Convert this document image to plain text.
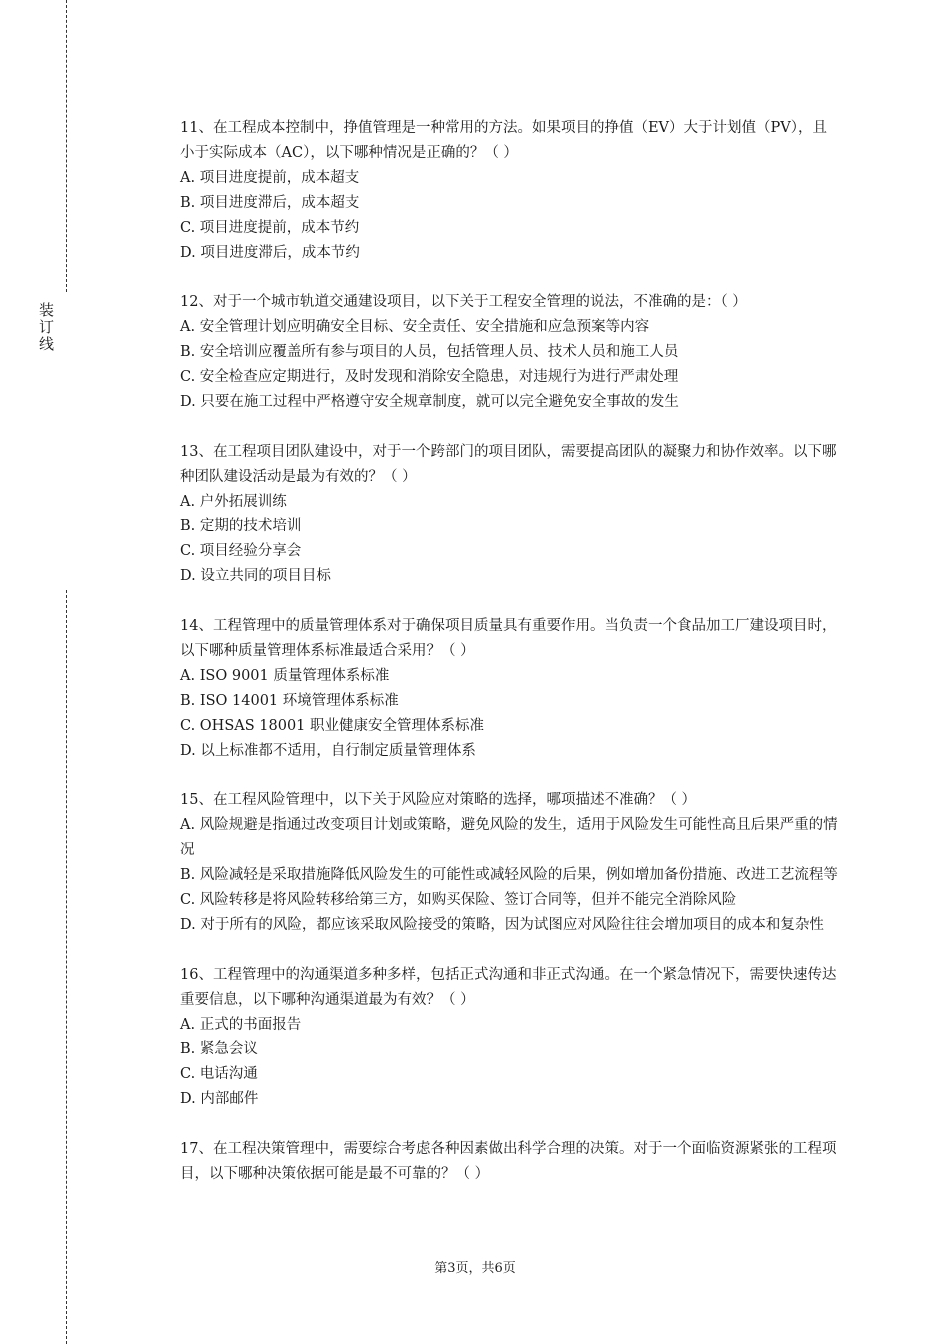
装订线

11、在工程成本控制中，挣值管理是一种常用的方法。如果项目的挣值（EV）大于计划值（PV），且小于实际成本（AC），以下哪种情况是正确的？（ ）

A. 项目进度提前，成本超支

B. 项目进度滞后，成本超支

C. 项目进度提前，成本节约

D. 项目进度滞后，成本节约

12、对于一个城市轨道交通建设项目，以下关于工程安全管理的说法，不准确的是：（ ）

A. 安全管理计划应明确安全目标、安全责任、安全措施和应急预案等内容

B. 安全培训应覆盖所有参与项目的人员，包括管理人员、技术人员和施工人员

C. 安全检查应定期进行，及时发现和消除安全隐患，对违规行为进行严肃处理

D. 只要在施工过程中严格遵守安全规章制度，就可以完全避免安全事故的发生

13、在工程项目团队建设中，对于一个跨部门的项目团队，需要提高团队的凝聚力和协作效率。以下哪种团队建设活动是最为有效的？（ ）

A. 户外拓展训练

B. 定期的技术培训

C. 项目经验分享会

D. 设立共同的项目目标

14、工程管理中的质量管理体系对于确保项目质量具有重要作用。当负责一个食品加工厂建设项目时，以下哪种质量管理体系标准最适合采用？（ ）

A. ISO 9001 质量管理体系标准

B. ISO 14001 环境管理体系标准

C. OHSAS 18001 职业健康安全管理体系标准

D. 以上标准都不适用，自行制定质量管理体系

15、在工程风险管理中，以下关于风险应对策略的选择，哪项描述不准确？（ ）

A. 风险规避是指通过改变项目计划或策略，避免风险的发生，适用于风险发生可能性高且后果严重的情况

B. 风险减轻是采取措施降低风险发生的可能性或减轻风险的后果，例如增加备份措施、改进工艺流程等

C. 风险转移是将风险转移给第三方，如购买保险、签订合同等，但并不能完全消除风险

D. 对于所有的风险，都应该采取风险接受的策略，因为试图应对风险往往会增加项目的成本和复杂性

16、工程管理中的沟通渠道多种多样，包括正式沟通和非正式沟通。在一个紧急情况下，需要快速传达重要信息，以下哪种沟通渠道最为有效？（ ）

A. 正式的书面报告

B. 紧急会议

C. 电话沟通

D. 内部邮件

17、在工程决策管理中，需要综合考虑各种因素做出科学合理的决策。对于一个面临资源紧张的工程项目，以下哪种决策依据可能是最不可靠的？（ ）

第3页，共6页
